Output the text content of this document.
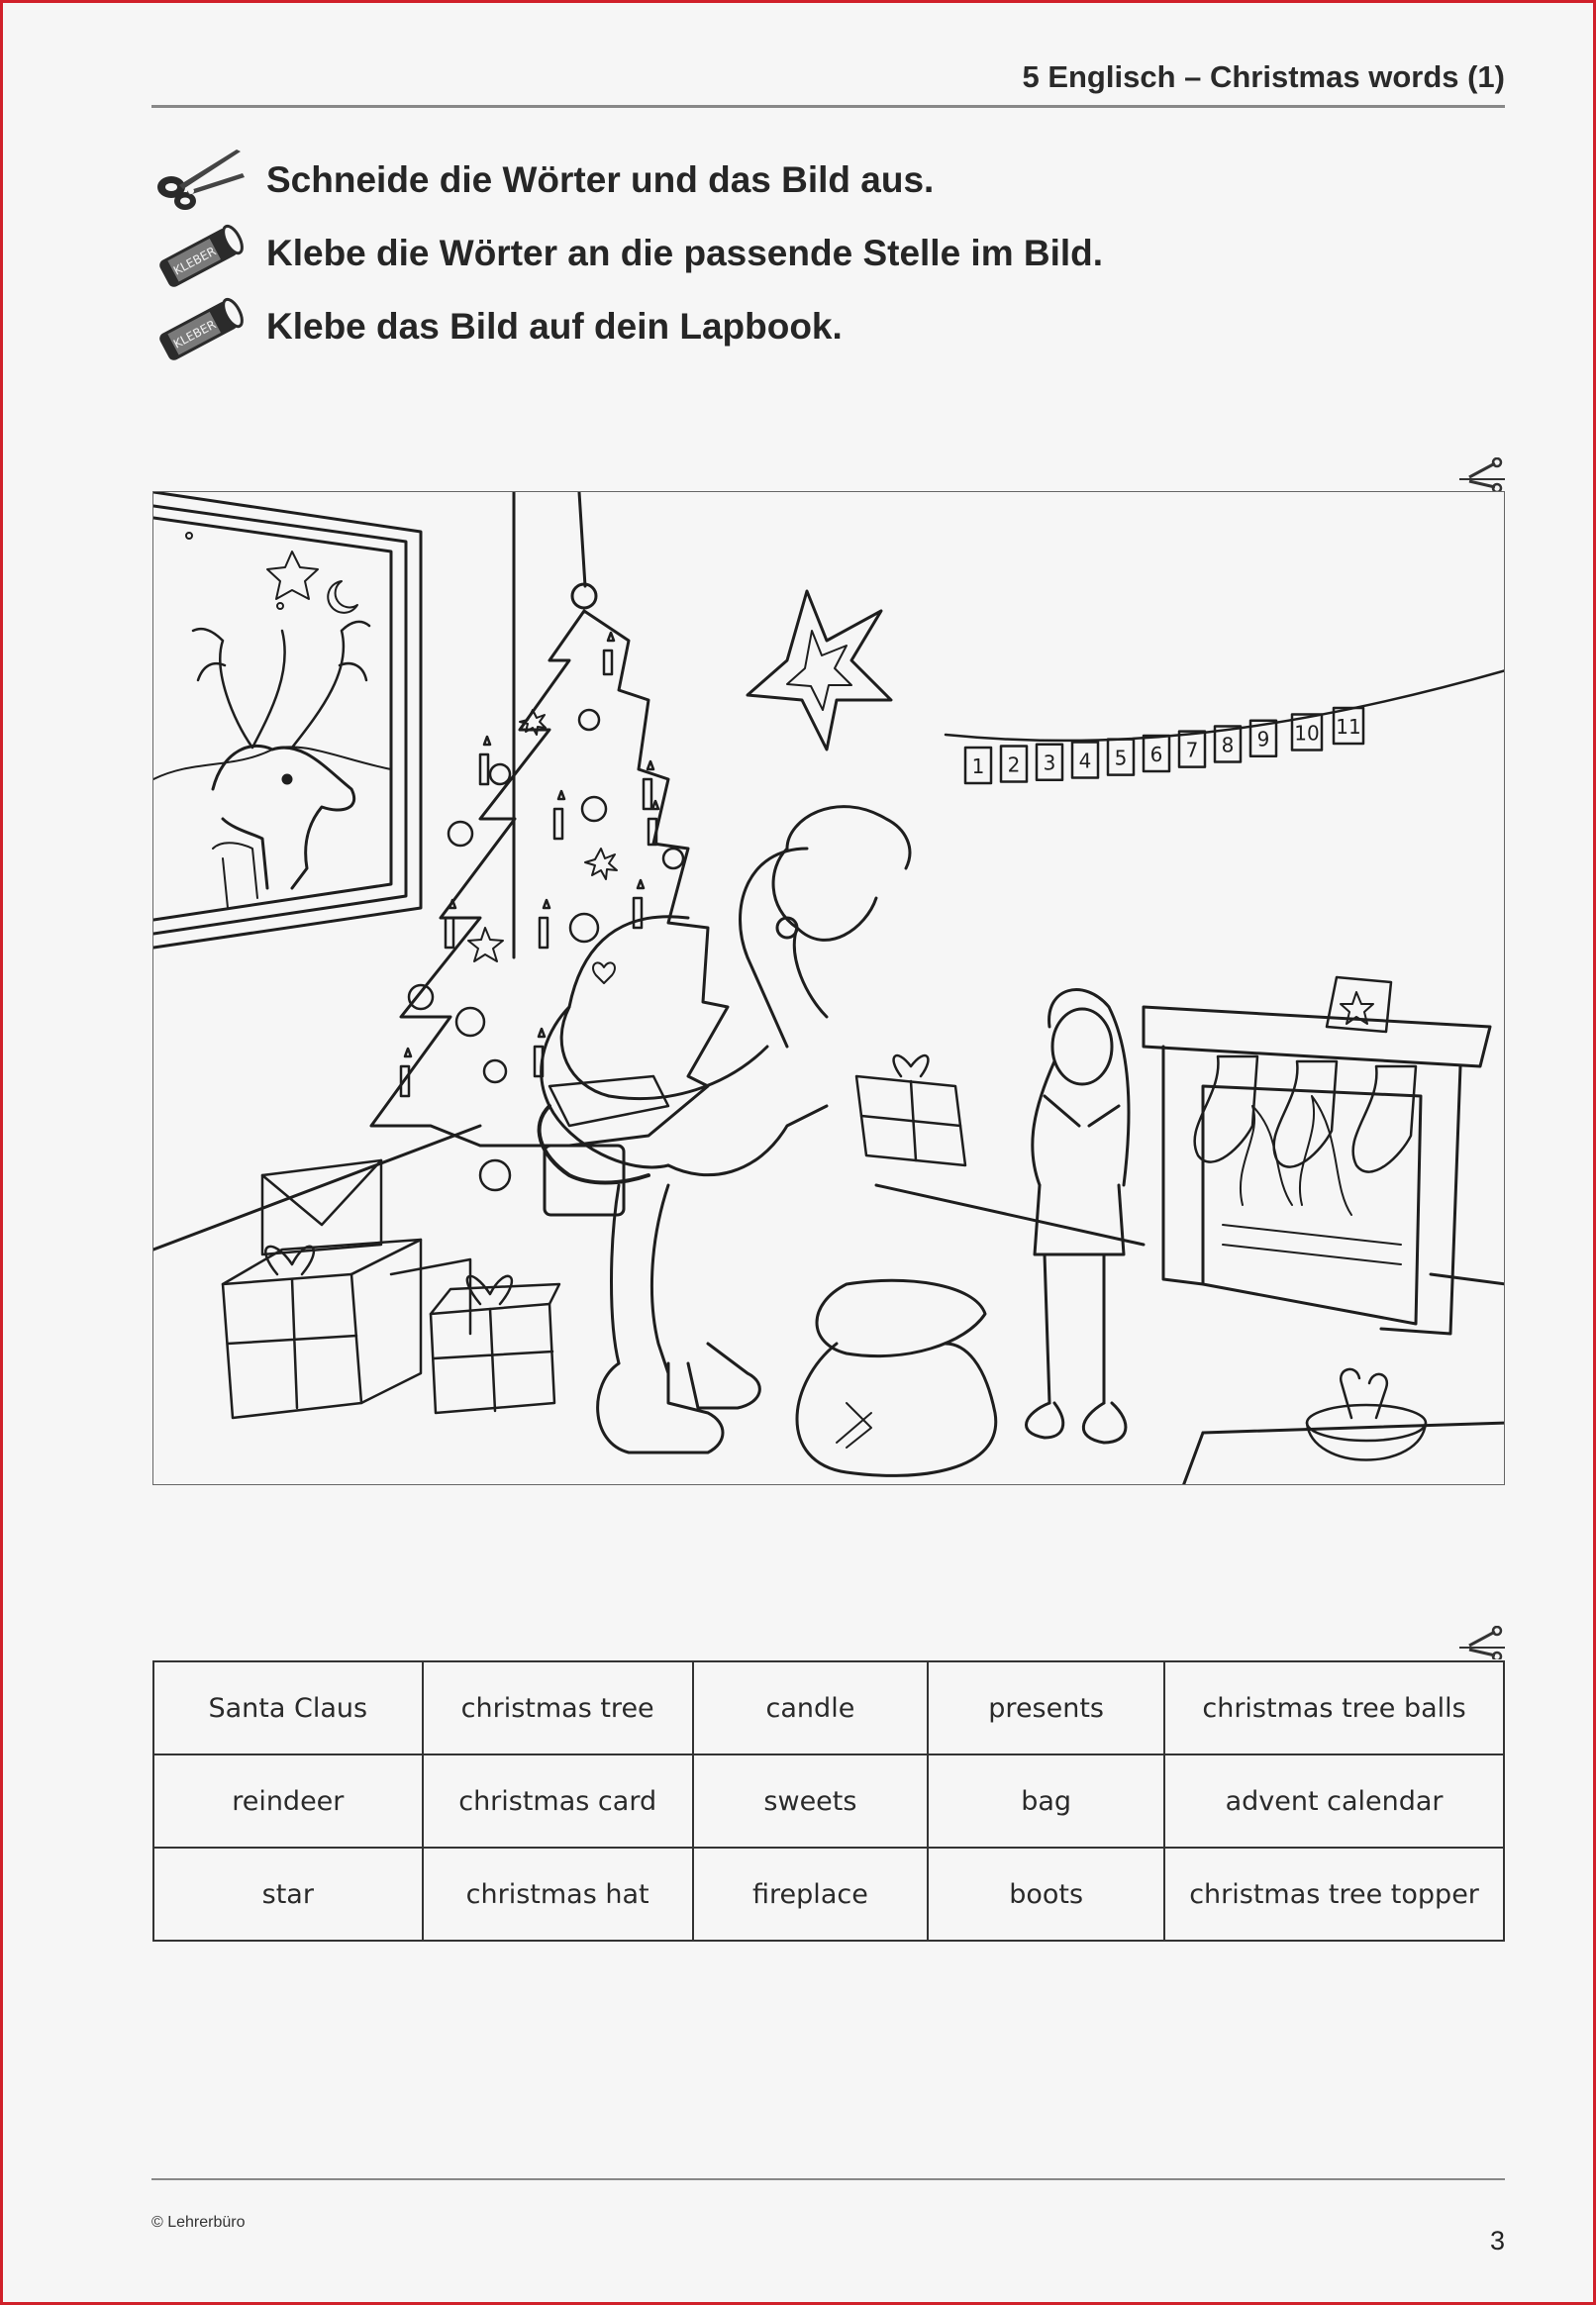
5 Englisch – Christmas words (1)
Schneide die Wörter und das Bild aus.
KLEBER Klebe die Wörter an die passende Stelle im Bild.
KLEBER Klebe das Bild auf dein Lapbook.
1 2 3 4 5 6 7 8 9 10 11
Santa Claus	christmas tree	candle	presents	christmas tree balls
reindeer	christmas card	sweets	bag	advent calendar
star	christmas hat	fireplace	boots	christmas tree topper
© Lehrerbüro
3
